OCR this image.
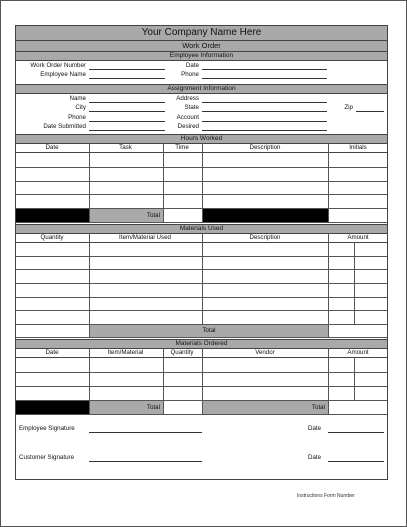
Your Company Name Here
Work Order
Employee Information
Work Order Number	Date
Employee Name	Phone
Assignment Information
Name	Address
City	State	Zip
Phone	Account
Date Submitted	Desired
Hours Worked
Date	Task	Time	Description	Initials
Total
Materials Used
Quantity	Item/Material Used	Description	Amount
Total
Materials Ordered
Date	Item/Material	Quantity	Vendor	Amount
Total	Total
Employee Signature	Date
Customer Signature	Date
Instructions Form Number
